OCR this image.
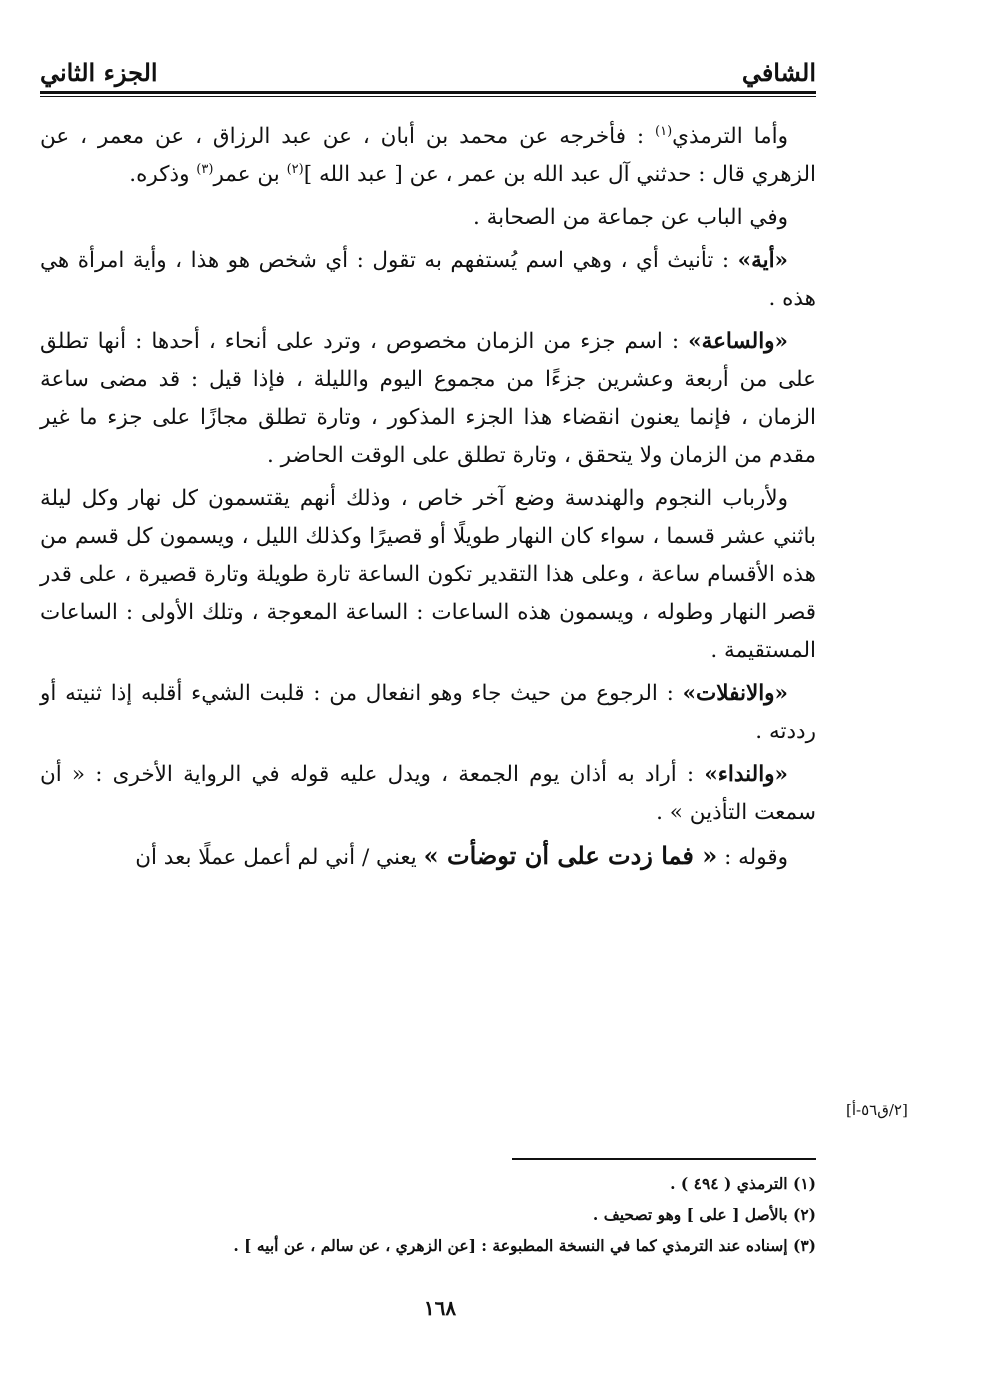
الشافي
الجزء الثاني

وأما الترمذي$^{(١)}$ : فأخرجه عن محمد بن أبان ، عن عبد الرزاق ، عن معمر ، عن الزهري قال : حدثني آل عبد الله بن عمر ، عن [ عبد الله ]$^{(٢)}$ بن عمر$^{(٣)}$ وذكره.

وفي الباب عن جماعة من الصحابة .

«أية» : تأنيث أي ، وهي اسم يُستفهم به تقول : أي شخص هو هذا ، وأية امرأة هي هذه .

«والساعة» : اسم جزء من الزمان مخصوص ، وترد على أنحاء ، أحدها : أنها تطلق على من أربعة وعشرين جزءًا من مجموع اليوم والليلة ، فإذا قيل : قد مضى ساعة الزمان ، فإنما يعنون انقضاء هذا الجزء المذكور ، وتارة تطلق مجازًا على جزء ما غير مقدم من الزمان ولا يتحقق ، وتارة تطلق على الوقت الحاضر .

ولأرباب النجوم والهندسة وضع آخر خاص ، وذلك أنهم يقتسمون كل نهار وكل ليلة باثني عشر قسما ، سواء كان النهار طويلًا أو قصيرًا وكذلك الليل ، ويسمون كل قسم من هذه الأقسام ساعة ، وعلى هذا التقدير تكون الساعة تارة طويلة وتارة قصيرة ، على قدر قصر النهار وطوله ، ويسمون هذه الساعات : الساعة المعوجة ، وتلك الأولى : الساعات المستقيمة .

«والانفلات» : الرجوع من حيث جاء وهو انفعال من : قلبت الشيء أقلبه إذا ثنيته أو رددته .

«والنداء» : أراد به أذان يوم الجمعة ، ويدل عليه قوله في الرواية الأخرى : « أن سمعت التأذين » .

وقوله : « فما زدت على أن توضأت » يعني / أني لم أعمل عملًا بعد أن

[٢/ق٥٦-أ]
(١) الترمذي ( ٤٩٤ ) .
(٢) بالأصل [ على ] وهو تصحيف .
(٣) إسناده عند الترمذي كما في النسخة المطبوعة : [عن الزهري ، عن سالم ، عن أبيه ] .
١٦٨
